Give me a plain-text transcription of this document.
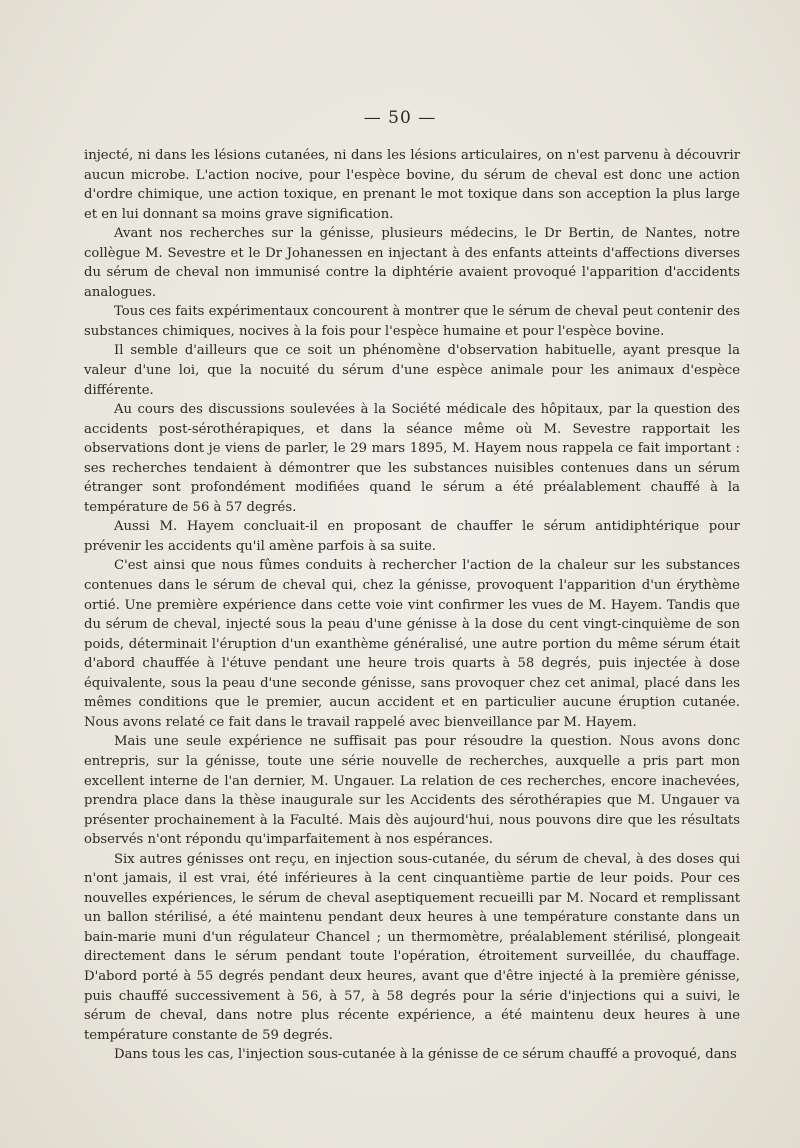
— 50 —

injecté, ni dans les lésions cutanées, ni dans les lésions articulaires, on n'est parvenu à découvrir aucun microbe. L'action nocive, pour l'espèce bovine, du sérum de cheval est donc une action d'ordre chimique, une action toxique, en prenant le mot toxique dans son acception la plus large et en lui donnant sa moins grave signification.

Avant nos recherches sur la génisse, plusieurs médecins, le Dr Bertin, de Nantes, notre collègue M. Sevestre et le Dr Johanessen en injectant à des enfants atteints d'affections diverses du sérum de cheval non immunisé contre la diphtérie avaient provoqué l'apparition d'accidents analogues.

Tous ces faits expérimentaux concourent à montrer que le sérum de cheval peut contenir des substances chimiques, nocives à la fois pour l'espèce humaine et pour l'espèce bovine.

Il semble d'ailleurs que ce soit un phénomène d'observation habituelle, ayant presque la valeur d'une loi, que la nocuité du sérum d'une espèce animale pour les animaux d'espèce différente.

Au cours des discussions soulevées à la Société médicale des hôpitaux, par la question des accidents post-sérothérapiques, et dans la séance même où M. Sevestre rapportait les observations dont je viens de parler, le 29 mars 1895, M. Hayem nous rappela ce fait important : ses recherches tendaient à démontrer que les substances nuisibles contenues dans un sérum étranger sont profondément modifiées quand le sérum a été préalablement chauffé à la température de 56 à 57 degrés.

Aussi M. Hayem concluait-il en proposant de chauffer le sérum antidiphtérique pour prévenir les accidents qu'il amène parfois à sa suite.

C'est ainsi que nous fûmes conduits à rechercher l'action de la chaleur sur les substances contenues dans le sérum de cheval qui, chez la génisse, provoquent l'apparition d'un érythème ortié. Une première expérience dans cette voie vint confirmer les vues de M. Hayem. Tandis que du sérum de cheval, injecté sous la peau d'une génisse à la dose du cent vingt-cinquième de son poids, déterminait l'éruption d'un exanthème généralisé, une autre portion du même sérum était d'abord chauffée à l'étuve pendant une heure trois quarts à 58 degrés, puis injectée à dose équivalente, sous la peau d'une seconde génisse, sans provoquer chez cet animal, placé dans les mêmes conditions que le premier, aucun accident et en particulier aucune éruption cutanée. Nous avons relaté ce fait dans le travail rappelé avec bienveillance par M. Hayem.

Mais une seule expérience ne suffisait pas pour résoudre la question. Nous avons donc entrepris, sur la génisse, toute une série nouvelle de recherches, auxquelle a pris part mon excellent interne de l'an dernier, M. Ungauer. La relation de ces recherches, encore inachevées, prendra place dans la thèse inaugurale sur les Accidents des sérothérapies que M. Ungauer va présenter prochainement à la Faculté. Mais dès aujourd'hui, nous pouvons dire que les résultats observés n'ont répondu qu'imparfaitement à nos espérances.

Six autres génisses ont reçu, en injection sous-cutanée, du sérum de cheval, à des doses qui n'ont jamais, il est vrai, été inférieures à la cent cinquantième partie de leur poids. Pour ces nouvelles expériences, le sérum de cheval aseptiquement recueilli par M. Nocard et remplissant un ballon stérilisé, a été maintenu pendant deux heures à une température constante dans un bain-marie muni d'un régulateur Chancel ; un thermomètre, préalablement stérilisé, plongeait directement dans le sérum pendant toute l'opération, étroitement surveillée, du chauffage. D'abord porté à 55 degrés pendant deux heures, avant que d'être injecté à la première génisse, puis chauffé successivement à 56, à 57, à 58 degrés pour la série d'injections qui a suivi, le sérum de cheval, dans notre plus récente expérience, a été maintenu deux heures à une température constante de 59 degrés.

Dans tous les cas, l'injection sous-cutanée à la génisse de ce sérum chauffé a provoqué, dans
